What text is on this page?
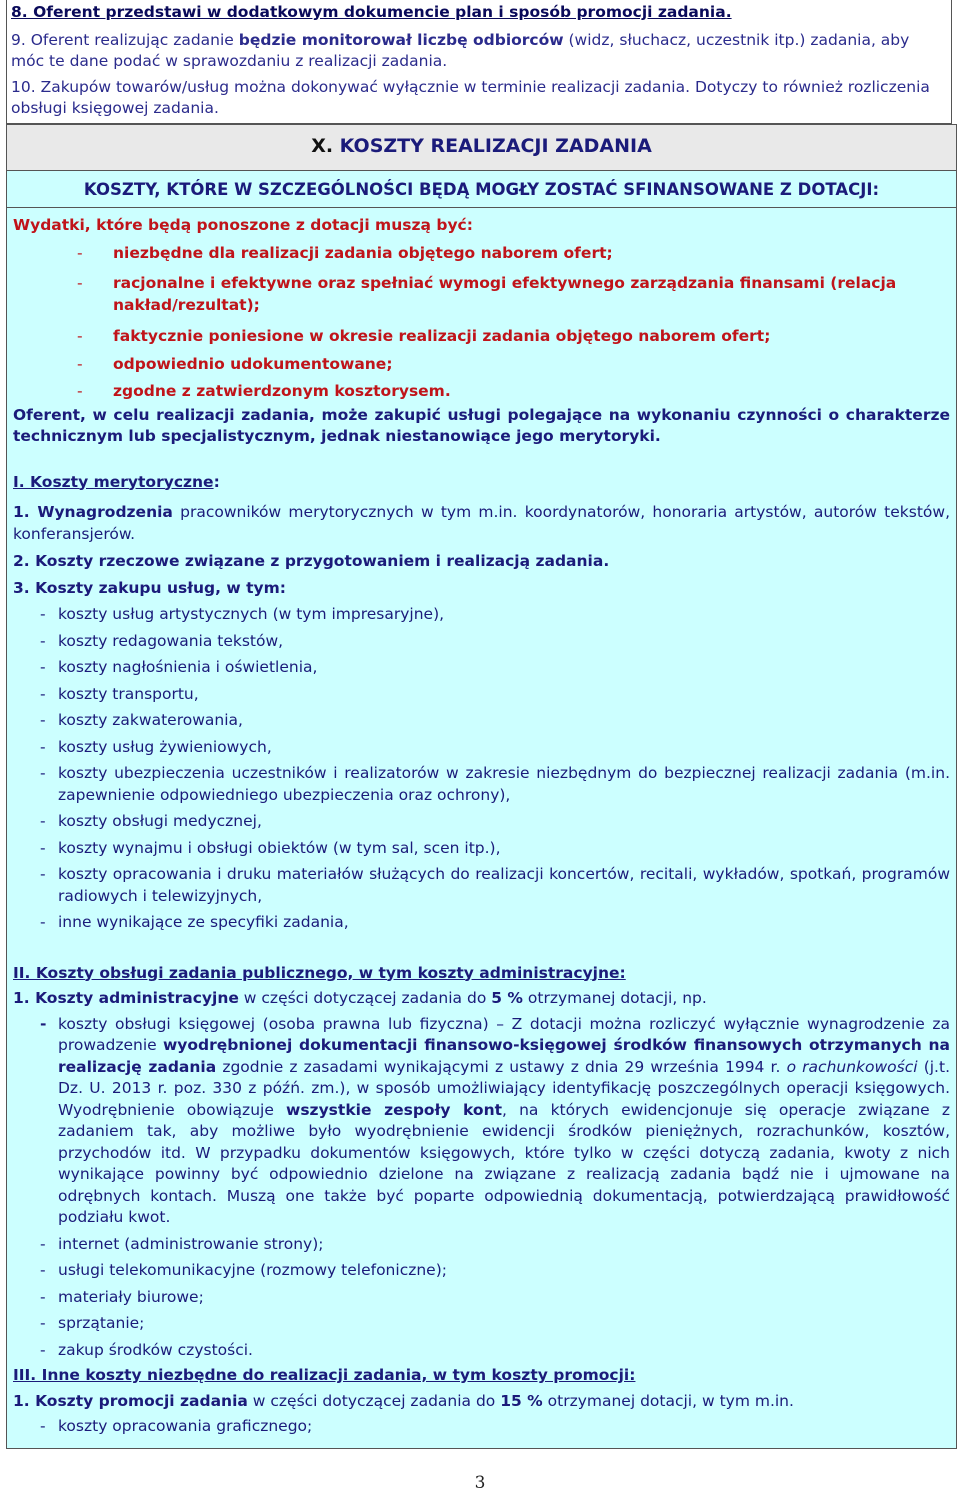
8. Oferent przedstawi w dodatkowym dokumencie plan i sposób promocji zadania.

9. Oferent realizując zadanie będzie monitorował liczbę odbiorców (widz, słuchacz, uczestnik itp.) zadania, aby móc te dane podać w sprawozdaniu z realizacji zadania.

10. Zakupów towarów/usług można dokonywać wyłącznie w terminie realizacji zadania. Dotyczy to również rozliczenia obsługi księgowej zadania.

X. KOSZTY REALIZACJI ZADANIA
KOSZTY, KTÓRE W SZCZEGÓLNOŚCI BĘDĄ MOGŁY ZOSTAĆ SFINANSOWANE Z DOTACJI:
Wydatki, które będą ponoszone z dotacji muszą być:
-	niezbędne dla realizacji zadania objętego naborem ofert;
-	racjonalne i efektywne oraz spełniać wymogi efektywnego zarządzania finansami (relacja nakład/rezultat);
-	faktycznie poniesione w okresie realizacji zadania objętego naborem ofert;
-	odpowiednio udokumentowane;
-	zgodne z zatwierdzonym kosztorysem.
Oferent, w celu realizacji zadania, może zakupić usługi polegające na wykonaniu czynności o charakterze technicznym lub specjalistycznym, jednak niestanowiące jego merytoryki.
I. Koszty merytoryczne:
1. Wynagrodzenia pracowników merytorycznych w tym m.in. koordynatorów, honoraria artystów, autorów tekstów, konferansjerów.
2. Koszty rzeczowe związane z przygotowaniem i realizacją zadania.
3. Koszty zakupu usług, w tym:
- koszty usług artystycznych (w tym impresaryjne),
- koszty redagowania tekstów,
- koszty nagłośnienia i oświetlenia,
- koszty transportu,
- koszty zakwaterowania,
- koszty usług żywieniowych,
- koszty ubezpieczenia uczestników i realizatorów w zakresie niezbędnym do bezpiecznej realizacji zadania (m.in. zapewnienie odpowiedniego ubezpieczenia oraz ochrony),
- koszty obsługi medycznej,
- koszty wynajmu i obsługi obiektów (w tym sal, scen itp.),
- koszty opracowania i druku materiałów służących do realizacji koncertów, recitali, wykładów, spotkań, programów radiowych i telewizyjnych,
- inne wynikające ze specyfiki zadania,
II. Koszty obsługi zadania publicznego, w tym koszty administracyjne:
1. Koszty administracyjne w części dotyczącej zadania do 5 % otrzymanej dotacji, np.
- koszty obsługi księgowej (osoba prawna lub fizyczna) – Z dotacji można rozliczyć wyłącznie wynagrodzenie za prowadzenie wyodrębnionej dokumentacji finansowo-księgowej środków finansowych otrzymanych na realizację zadania zgodnie z zasadami wynikającymi z ustawy z dnia 29 września 1994 r. o rachunkowości (j.t. Dz. U. 2013 r. poz. 330 z późń. zm.), w sposób umożliwiający identyfikację poszczególnych operacji księgowych. Wyodrębnienie obowiązuje wszystkie zespoły kont, na których ewidencjonuje się operacje związane z zadaniem tak, aby możliwe było wyodrębnienie ewidencji środków pieniężnych, rozrachunków, kosztów, przychodów itd. W przypadku dokumentów księgowych, które tylko w części dotyczą zadania, kwoty z nich wynikające powinny być odpowiednio dzielone na związane z realizacją zadania bądź nie i ujmowane na odrębnych kontach. Muszą one także być poparte odpowiednią dokumentacją, potwierdzającą prawidłowość podziału kwot.
- internet (administrowanie strony);
- usługi telekomunikacyjne (rozmowy telefoniczne);
- materiały biurowe;
- sprzątanie;
- zakup środków czystości.
III. Inne koszty niezbędne do realizacji zadania, w tym koszty promocji:
1. Koszty promocji zadania w części dotyczącej zadania do 15 % otrzymanej dotacji, w tym m.in.
- koszty opracowania graficznego;
3
